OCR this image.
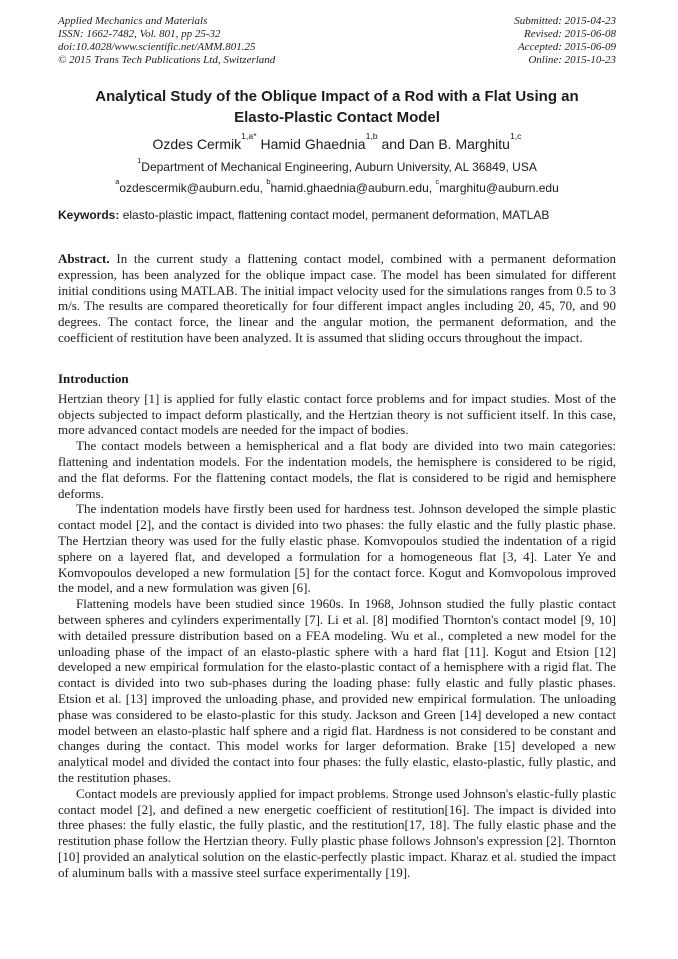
Applied Mechanics and Materials
ISSN: 1662-7482, Vol. 801, pp 25-32
doi:10.4028/www.scientific.net/AMM.801.25
© 2015 Trans Tech Publications Ltd, Switzerland
Submitted: 2015-04-23
Revised: 2015-06-08
Accepted: 2015-06-09
Online: 2015-10-23
Analytical Study of the Oblique Impact of a Rod with a Flat Using an
Elasto-Plastic Contact Model

Ozdes Cermik$^{1,a*}$ Hamid Ghaednia$^{1,b}$ and Dan B. Marghitu$^{1,c}$

$^1$Department of Mechanical Engineering, Auburn University, AL 36849, USA

$^a$ozdescermik@auburn.edu, $^b$hamid.ghaednia@auburn.edu, $^c$marghitu@auburn.edu

Keywords: elasto-plastic impact, flattening contact model, permanent deformation, MATLAB

Abstract. In the current study a flattening contact model, combined with a permanent deformation expression, has been analyzed for the oblique impact case. The model has been simulated for different initial conditions using MATLAB. The initial impact velocity used for the simulations ranges from 0.5 to 3 m/s. The results are compared theoretically for four different impact angles including 20, 45, 70, and 90 degrees. The contact force, the linear and the angular motion, the permanent deformation, and the coefficient of restitution have been analyzed. It is assumed that sliding occurs throughout the impact.

Introduction

Hertzian theory [1] is applied for fully elastic contact force problems and for impact studies. Most of the objects subjected to impact deform plastically, and the Hertzian theory is not sufficient itself. In this case, more advanced contact models are needed for the impact of bodies.

The contact models between a hemispherical and a flat body are divided into two main categories: flattening and indentation models. For the indentation models, the hemisphere is considered to be rigid, and the flat deforms. For the flattening contact models, the flat is considered to be rigid and hemisphere deforms.

The indentation models have firstly been used for hardness test. Johnson developed the simple plastic contact model [2], and the contact is divided into two phases: the fully elastic and the fully plastic phase. The Hertzian theory was used for the fully elastic phase. Komvopoulos studied the indentation of a rigid sphere on a layered flat, and developed a formulation for a homogeneous flat [3, 4]. Later Ye and Komvopoulos developed a new formulation [5] for the contact force. Kogut and Komvopolous improved the model, and a new formulation was given [6].

Flattening models have been studied since 1960s. In 1968, Johnson studied the fully plastic contact between spheres and cylinders experimentally [7]. Li et al. [8] modified Thornton's contact model [9, 10] with detailed pressure distribution based on a FEA modeling. Wu et al., completed a new model for the unloading phase of the impact of an elasto-plastic sphere with a hard flat [11]. Kogut and Etsion [12] developed a new empirical formulation for the elasto-plastic contact of a hemisphere with a rigid flat. The contact is divided into two sub-phases during the loading phase: fully elastic and fully plastic phases. Etsion et al. [13] improved the unloading phase, and provided new empirical formulation. The unloading phase was considered to be elasto-plastic for this study. Jackson and Green [14] developed a new contact model between an elasto-plastic half sphere and a rigid flat. Hardness is not considered to be constant and changes during the contact. This model works for larger deformation. Brake [15] developed a new analytical model and divided the contact into four phases: the fully elastic, elasto-plastic, fully plastic, and the restitution phases.

Contact models are previously applied for impact problems. Stronge used Johnson's elastic-fully plastic contact model [2], and defined a new energetic coefficient of restitution[16]. The impact is divided into three phases: the fully elastic, the fully plastic, and the restitution[17, 18]. The fully elastic phase and the restitution phase follow the Hertzian theory. Fully plastic phase follows Johnson's expression [2]. Thornton [10] provided an analytical solution on the elastic-perfectly plastic impact. Kharaz et al. studied the impact of aluminum balls with a massive steel surface experimentally [19].
